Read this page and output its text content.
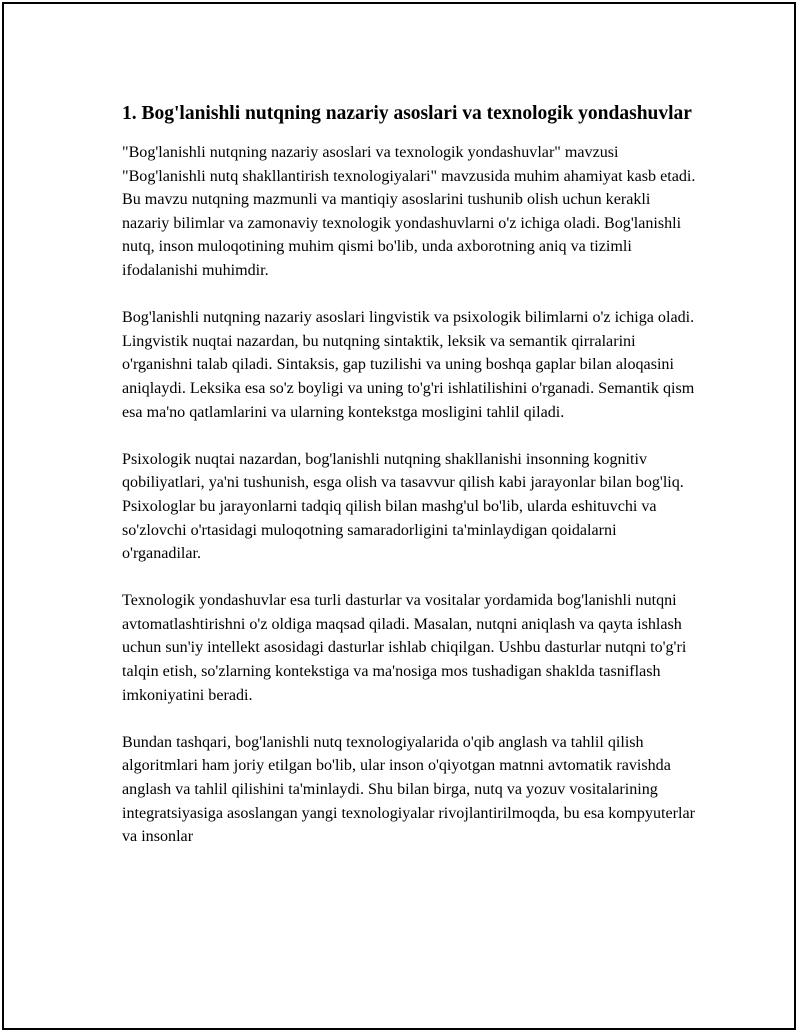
1. Bog'lanishli nutqning nazariy asoslari va texnologik yondashuvlar

"Bog'lanishli nutqning nazariy asoslari va texnologik yondashuvlar" mavzusi "Bog'lanishli nutq shakllantirish texnologiyalari" mavzusida muhim ahamiyat kasb etadi. Bu mavzu nutqning mazmunli va mantiqiy asoslarini tushunib olish uchun kerakli nazariy bilimlar va zamonaviy texnologik yondashuvlarni o'z ichiga oladi. Bog'lanishli nutq, inson muloqotining muhim qismi bo'lib, unda axborotning aniq va tizimli ifodalanishi muhimdir.

Bog'lanishli nutqning nazariy asoslari lingvistik va psixologik bilimlarni o'z ichiga oladi. Lingvistik nuqtai nazardan, bu nutqning sintaktik, leksik va semantik qirralarini o'rganishni talab qiladi. Sintaksis, gap tuzilishi va uning boshqa gaplar bilan aloqasini aniqlaydi. Leksika esa so'z boyligi va uning to'g'ri ishlatilishini o'rganadi. Semantik qism esa ma'no qatlamlarini va ularning kontekstga mosligini tahlil qiladi.

Psixologik nuqtai nazardan, bog'lanishli nutqning shakllanishi insonning kognitiv qobiliyatlari, ya'ni tushunish, esga olish va tasavvur qilish kabi jarayonlar bilan bog'liq. Psixologlar bu jarayonlarni tadqiq qilish bilan mashg'ul bo'lib, ularda eshituvchi va so'zlovchi o'rtasidagi muloqotning samaradorligini ta'minlaydigan qoidalarni o'rganadilar.

Texnologik yondashuvlar esa turli dasturlar va vositalar yordamida bog'lanishli nutqni avtomatlashtirishni o'z oldiga maqsad qiladi. Masalan, nutqni aniqlash va qayta ishlash uchun sun'iy intellekt asosidagi dasturlar ishlab chiqilgan. Ushbu dasturlar nutqni to'g'ri talqin etish, so'zlarning kontekstiga va ma'nosiga mos tushadigan shaklda tasniflash imkoniyatini beradi.

Bundan tashqari, bog'lanishli nutq texnologiyalarida o'qib anglash va tahlil qilish algoritmlari ham joriy etilgan bo'lib, ular inson o'qiyotgan matnni avtomatik ravishda anglash va tahlil qilishini ta'minlaydi. Shu bilan birga, nutq va yozuv vositalarining integratsiyasiga asoslangan yangi texnologiyalar rivojlantirilmoqda, bu esa kompyuterlar va insonlar
